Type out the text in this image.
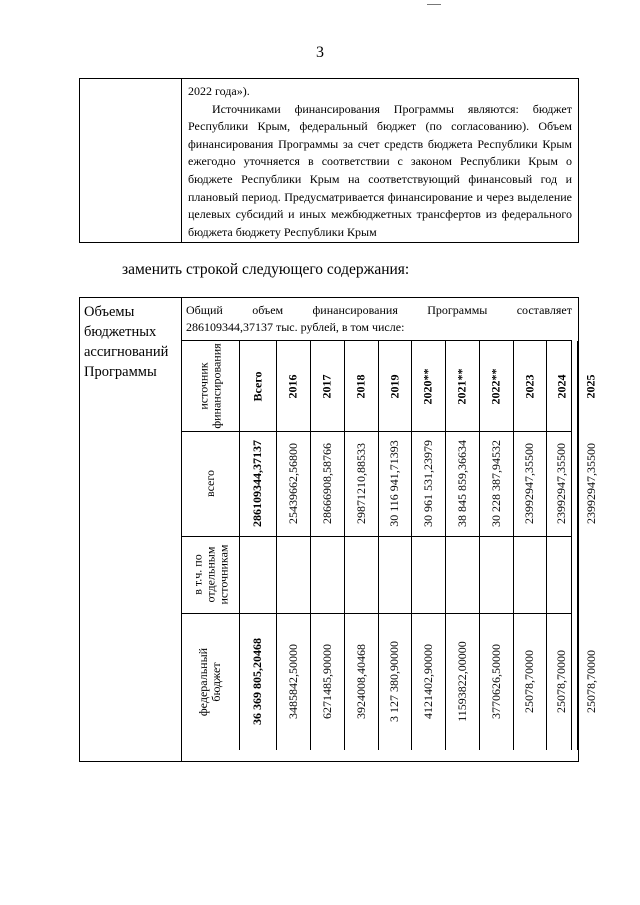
3

2022 года»).

Источниками финансирования Программы являются: бюджет Республики Крым, федеральный бюджет (по согласованию). Объем финансирования Программы за счет средств бюджета Республики Крым ежегодно уточняется в соответствии с законом Республики Крым о бюджете Республики Крым на соответствующий финансовый год и плановый период. Предусматривается финансирование и через выделение целевых субсидий и иных межбюджетных трансфертов из федерального бюджета бюджету Республики Крым

заменить строкой следующего содержания:
Объемы бюджетных ассигнований Программы
Общий объем финансирования Программы составляет
286109344,37137 тыс. рублей, в том числе:
источник финансирования
всего
в т.ч. по отдельным источникам
федеральный бюджет
Всего
286109344,37137
36 369 805,20468
2016
25439662,56800
3485842,50000
2017
28666908,58766
6271485,90000
2018
29871210,88533
3924008,40468
2019
30 116 941,71393
3 127 380,90000
2020**
30 961 531,23979
4121402,90000
2021**
38 845 859,36634
11593822,00000
2022**
30 228 387,94532
3770626,50000
2023
23992947,35500
25078,70000
2024
23992947,35500
25078,70000
2025
23992947,35500
25078,70000
